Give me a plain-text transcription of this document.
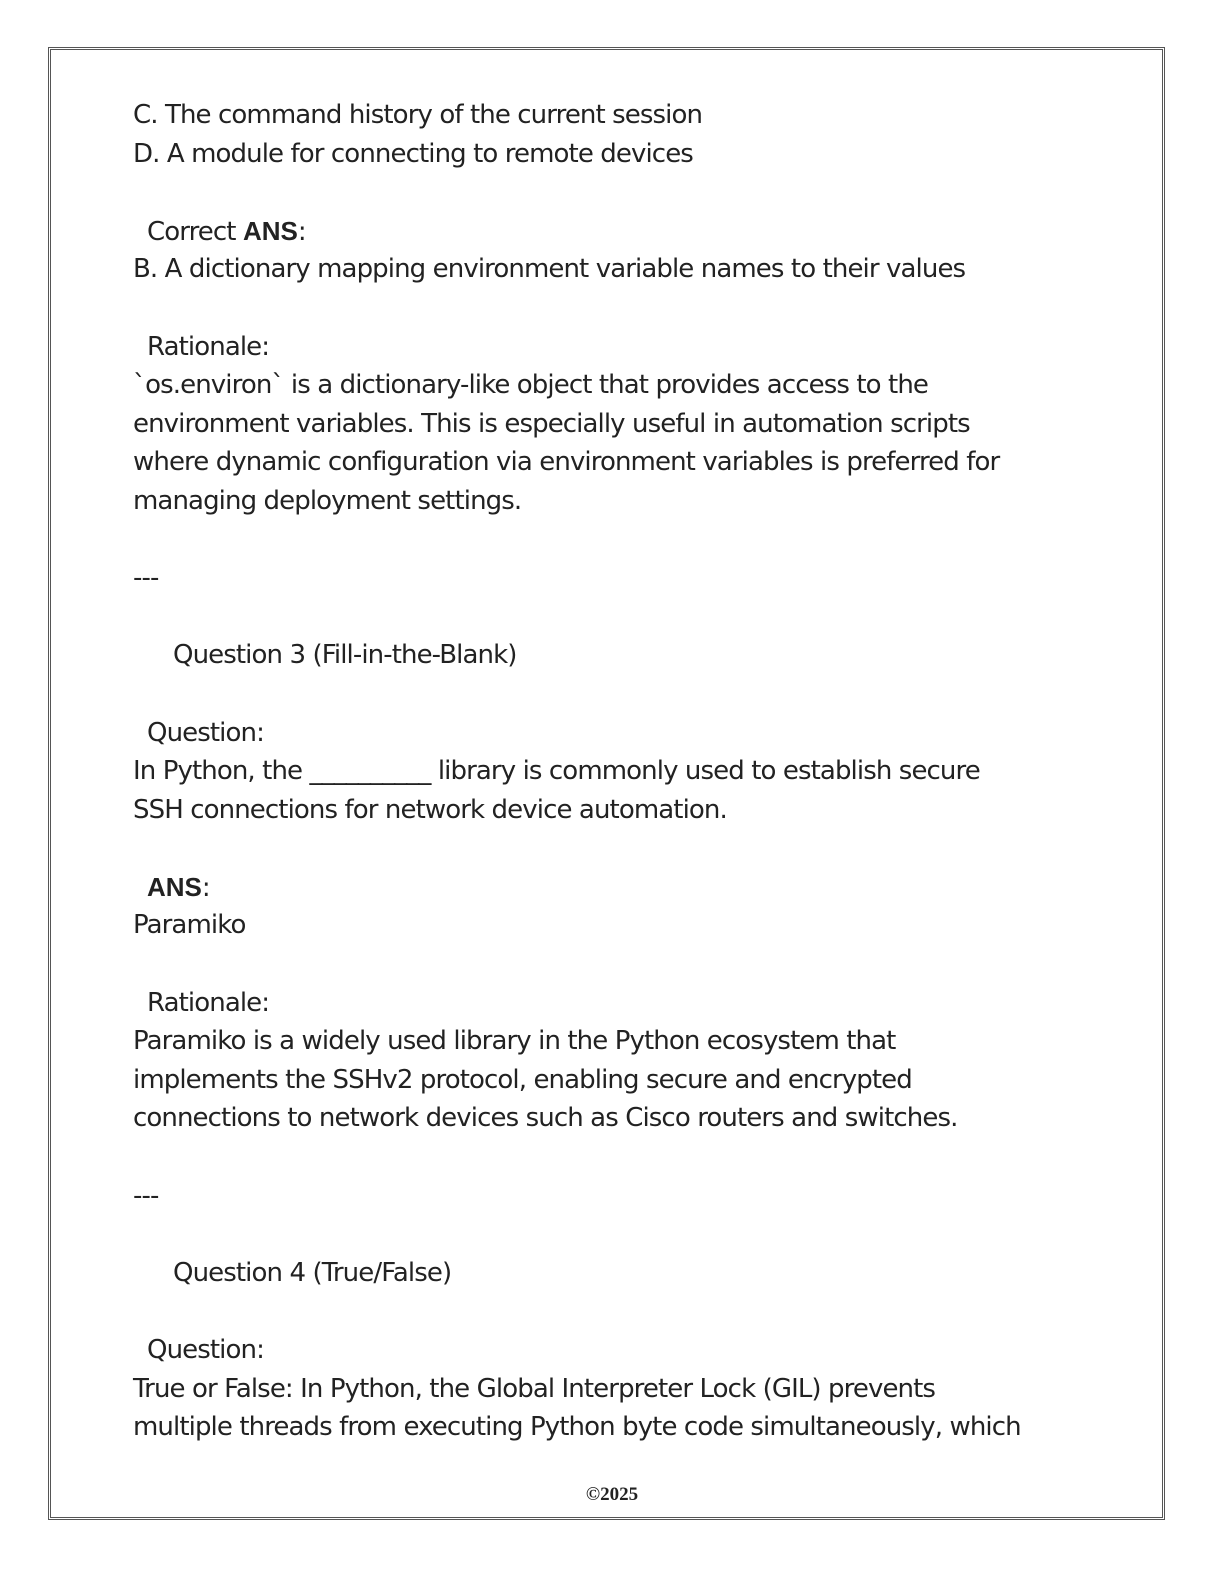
C. The command history of the current session
D. A module for connecting to remote devices
Correct ANS:
B. A dictionary mapping environment variable names to their values
Rationale:
`os.environ` is a dictionary-like object that provides access to the
environment variables. This is especially useful in automation scripts
where dynamic configuration via environment variables is preferred for
managing deployment settings.
---
Question 3 (Fill-in-the-Blank)
Question:
In Python, the __________ library is commonly used to establish secure
SSH connections for network device automation.
ANS:
Paramiko
Rationale:
Paramiko is a widely used library in the Python ecosystem that
implements the SSHv2 protocol, enabling secure and encrypted
connections to network devices such as Cisco routers and switches.
---
Question 4 (True/False)
Question:
True or False: In Python, the Global Interpreter Lock (GIL) prevents
multiple threads from executing Python byte code simultaneously, which
©2025
